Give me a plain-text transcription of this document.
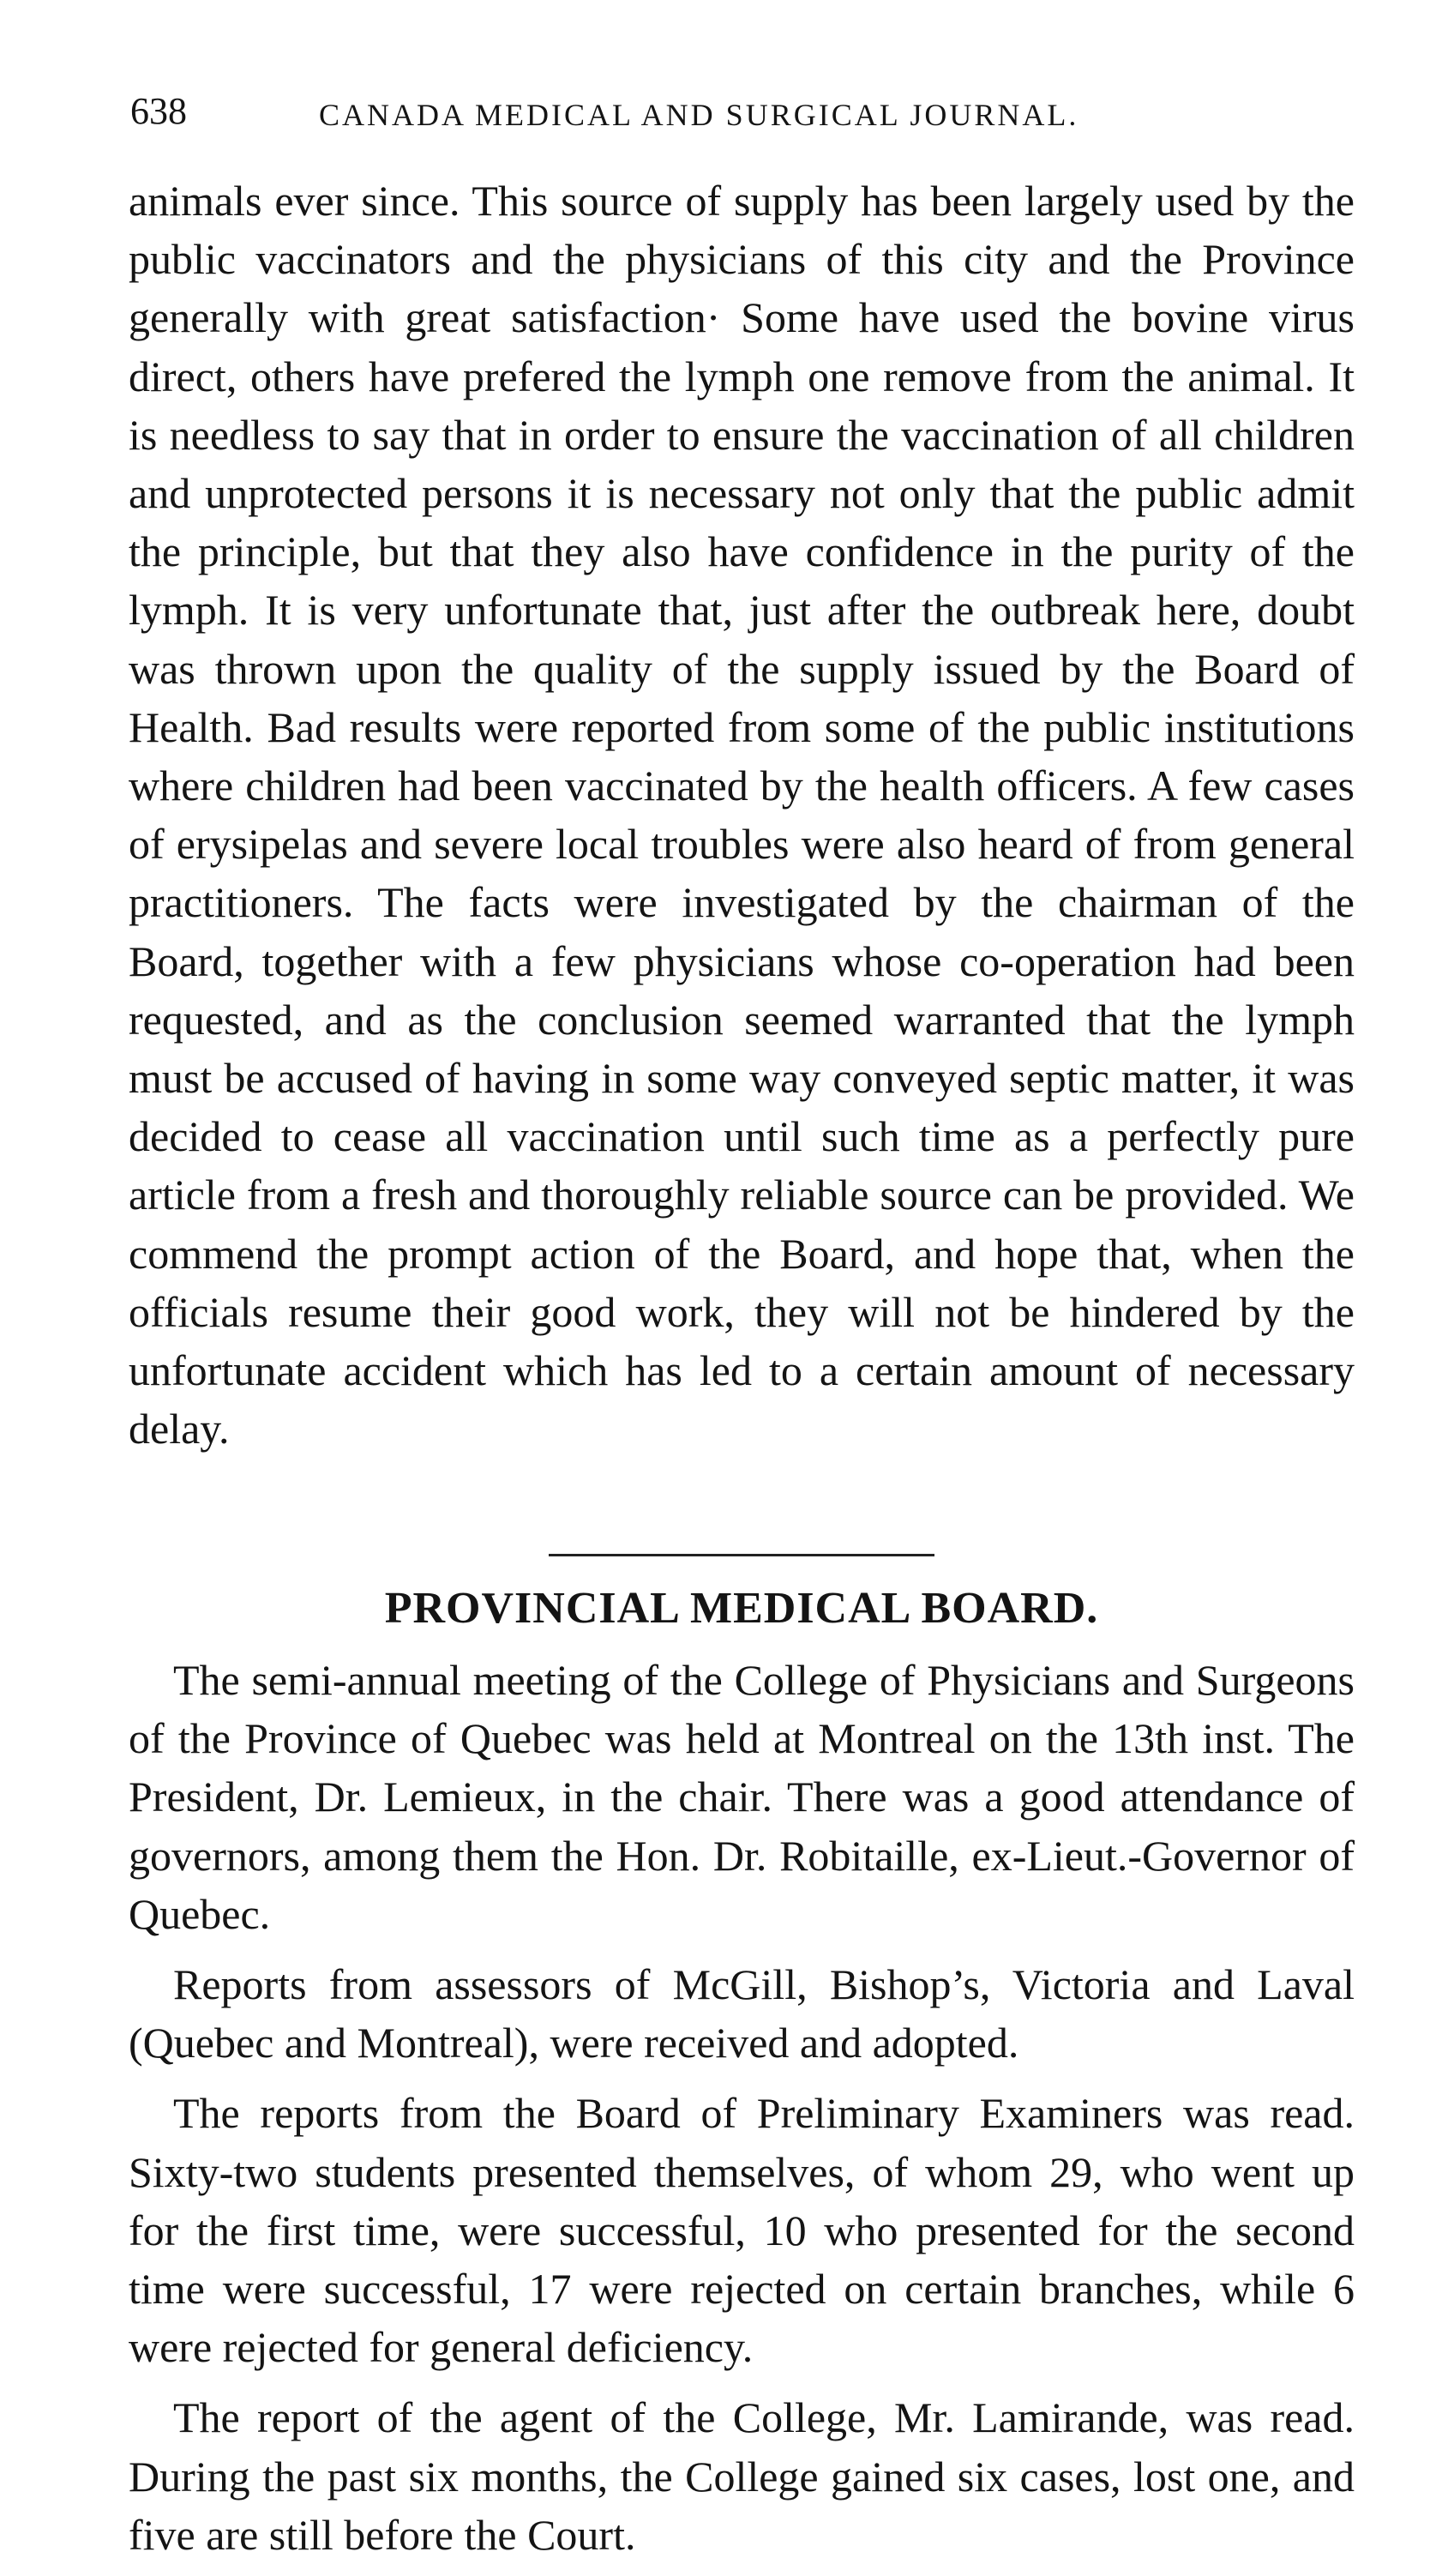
638	CANADA MEDICAL AND SURGICAL JOURNAL.

animals ever since. This source of supply has been largely used by the public vaccinators and the physicians of this city and the Province generally with great satisfaction· Some have used the bovine virus direct, others have prefered the lymph one remove from the animal. It is needless to say that in order to ensure the vaccination of all children and unprotected persons it is necessary not only that the public admit the principle, but that they also have confidence in the purity of the lymph. It is very unfortunate that, just after the outbreak here, doubt was thrown upon the quality of the supply issued by the Board of Health. Bad results were reported from some of the public institutions where children had been vaccinated by the health officers. A few cases of erysipelas and severe local troubles were also heard of from general practitioners. The facts were investigated by the chairman of the Board, together with a few physicians whose co-operation had been requested, and as the conclusion seemed warranted that the lymph must be accused of having in some way conveyed septic matter, it was decided to cease all vaccination until such time as a perfectly pure article from a fresh and thoroughly reliable source can be provided. We commend the prompt action of the Board, and hope that, when the officials resume their good work, they will not be hindered by the unfortunate accident which has led to a certain amount of necessary delay.

PROVINCIAL MEDICAL BOARD.

The semi-annual meeting of the College of Physicians and Surgeons of the Province of Quebec was held at Montreal on the 13th inst. The President, Dr. Lemieux, in the chair. There was a good attendance of governors, among them the Hon. Dr. Robitaille, ex-Lieut.-Governor of Quebec.

Reports from assessors of McGill, Bishop’s, Victoria and Laval (Quebec and Montreal), were received and adopted.

The reports from the Board of Preliminary Examiners was read. Sixty-two students presented themselves, of whom 29, who went up for the first time, were successful, 10 who presented for the second time were successful, 17 were rejected on certain branches, while 6 were rejected for general deficiency.

The report of the agent of the College, Mr. Lamirande, was read. During the past six months, the College gained six cases, lost one, and five are still before the Court.
